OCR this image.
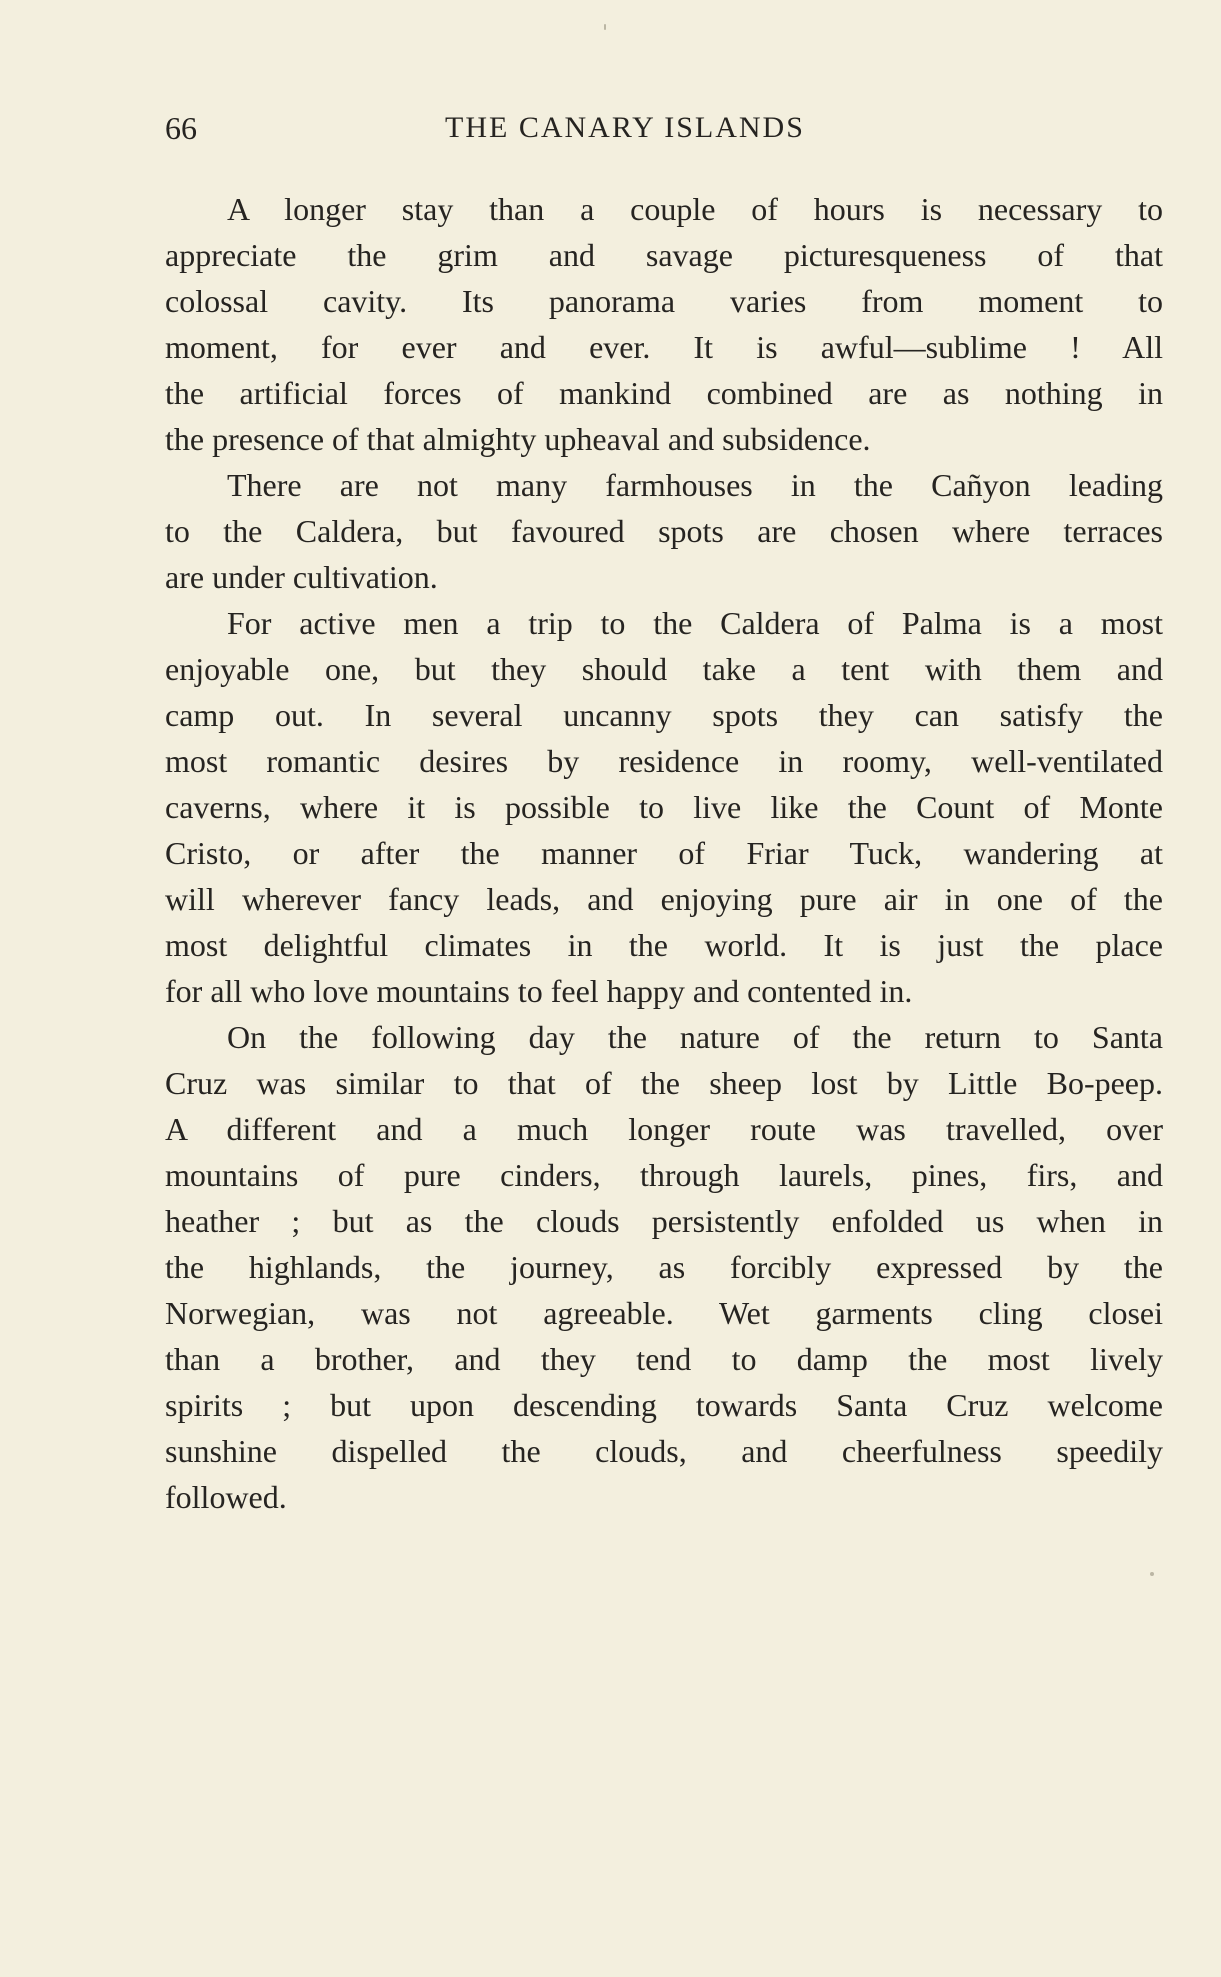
66	THE CANARY ISLANDS

A longer stay than a couple of hours is necessary to
appreciate the grim and savage picturesqueness of that
colossal cavity. Its panorama varies from moment to
moment, for ever and ever. It is awful—sublime ! All
the artificial forces of mankind combined are as nothing in
the presence of that almighty upheaval and subsidence.

There are not many farmhouses in the Cañyon leading
to the Caldera, but favoured spots are chosen where terraces
are under cultivation.

For active men a trip to the Caldera of Palma is a most
enjoyable one, but they should take a tent with them and
camp out. In several uncanny spots they can satisfy the
most romantic desires by residence in roomy, well-ventilated
caverns, where it is possible to live like the Count of Monte
Cristo, or after the manner of Friar Tuck, wandering at
will wherever fancy leads, and enjoying pure air in one of the
most delightful climates in the world. It is just the place
for all who love mountains to feel happy and contented in.

On the following day the nature of the return to Santa
Cruz was similar to that of the sheep lost by Little Bo-peep.
A different and a much longer route was travelled, over
mountains of pure cinders, through laurels, pines, firs, and
heather ; but as the clouds persistently enfolded us when in
the highlands, the journey, as forcibly expressed by the
Norwegian, was not agreeable. Wet garments cling closei
than a brother, and they tend to damp the most lively
spirits ; but upon descending towards Santa Cruz welcome
sunshine dispelled the clouds, and cheerfulness speedily
followed.
